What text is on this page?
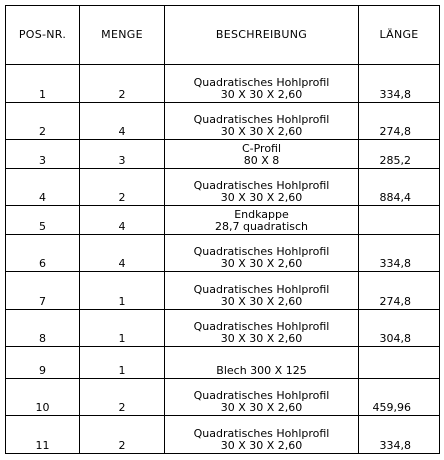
POS-NR.	MENGE	BESCHREIBUNG	LÄNGE
1	2	Quadratisches Hohlprofil
30 X 30 X 2,60	334,8
2	4	Quadratisches Hohlprofil
30 X 30 X 2,60	274,8
3	3	C-Profil
80 X 8	285,2
4	2	Quadratisches Hohlprofil
30 X 30 X 2,60	884,4
5	4	Endkappe
28,7 quadratisch	

6	4	Quadratisches Hohlprofil
30 X 30 X 2,60	334,8
7	1	Quadratisches Hohlprofil
30 X 30 X 2,60	274,8
8	1	Quadratisches Hohlprofil
30 X 30 X 2,60	304,8
9	1	Blech 300 X 125	

10	2	Quadratisches Hohlprofil
30 X 30 X 2,60	459,96
11	2	Quadratisches Hohlprofil
30 X 30 X 2,60	334,8
